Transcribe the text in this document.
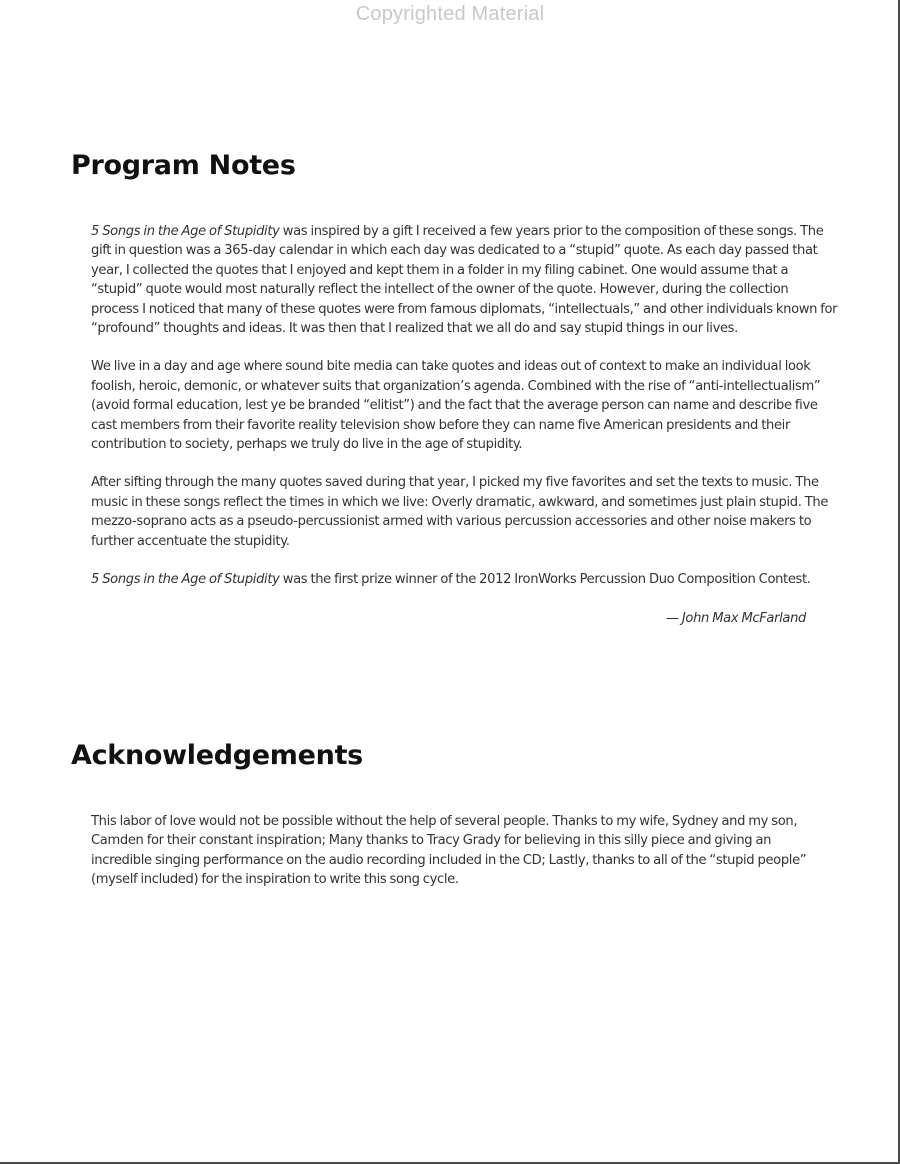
Copyrighted Material
Program Notes

5 Songs in the Age of Stupidity was inspired by a gift I received a few years prior to the composition of these songs. The gift in question was a 365-day calendar in which each day was dedicated to a “stupid” quote. As each day passed that year, I collected the quotes that I enjoyed and kept them in a folder in my filing cabinet. One would assume that a “stupid” quote would most naturally reflect the intellect of the owner of the quote. However, during the collection process I noticed that many of these quotes were from famous diplomats, “intellectuals,” and other individuals known for “profound” thoughts and ideas. It was then that I realized that we all do and say stupid things in our lives.

We live in a day and age where sound bite media can take quotes and ideas out of context to make an individual look foolish, heroic, demonic, or whatever suits that organization’s agenda. Combined with the rise of “anti-intellectualism” (avoid formal education, lest ye be branded “elitist”) and the fact that the average person can name and describe five cast members from their favorite reality television show before they can name five American presidents and their contribution to society, perhaps we truly do live in the age of stupidity.

After sifting through the many quotes saved during that year, I picked my five favorites and set the texts to music. The music in these songs reflect the times in which we live: Overly dramatic, awkward, and sometimes just plain stupid. The mezzo-soprano acts as a pseudo-percussionist armed with various percussion accessories and other noise makers to further accentuate the stupidity.

5 Songs in the Age of Stupidity was the first prize winner of the 2012 IronWorks Percussion Duo Composition Contest.

— John Max McFarland

Acknowledgements

This labor of love would not be possible without the help of several people. Thanks to my wife, Sydney and my son, Camden for their constant inspiration; Many thanks to Tracy Grady for believing in this silly piece and giving an incredible singing performance on the audio recording included in the CD; Lastly, thanks to all of the “stupid people” (myself included) for the inspiration to write this song cycle.
